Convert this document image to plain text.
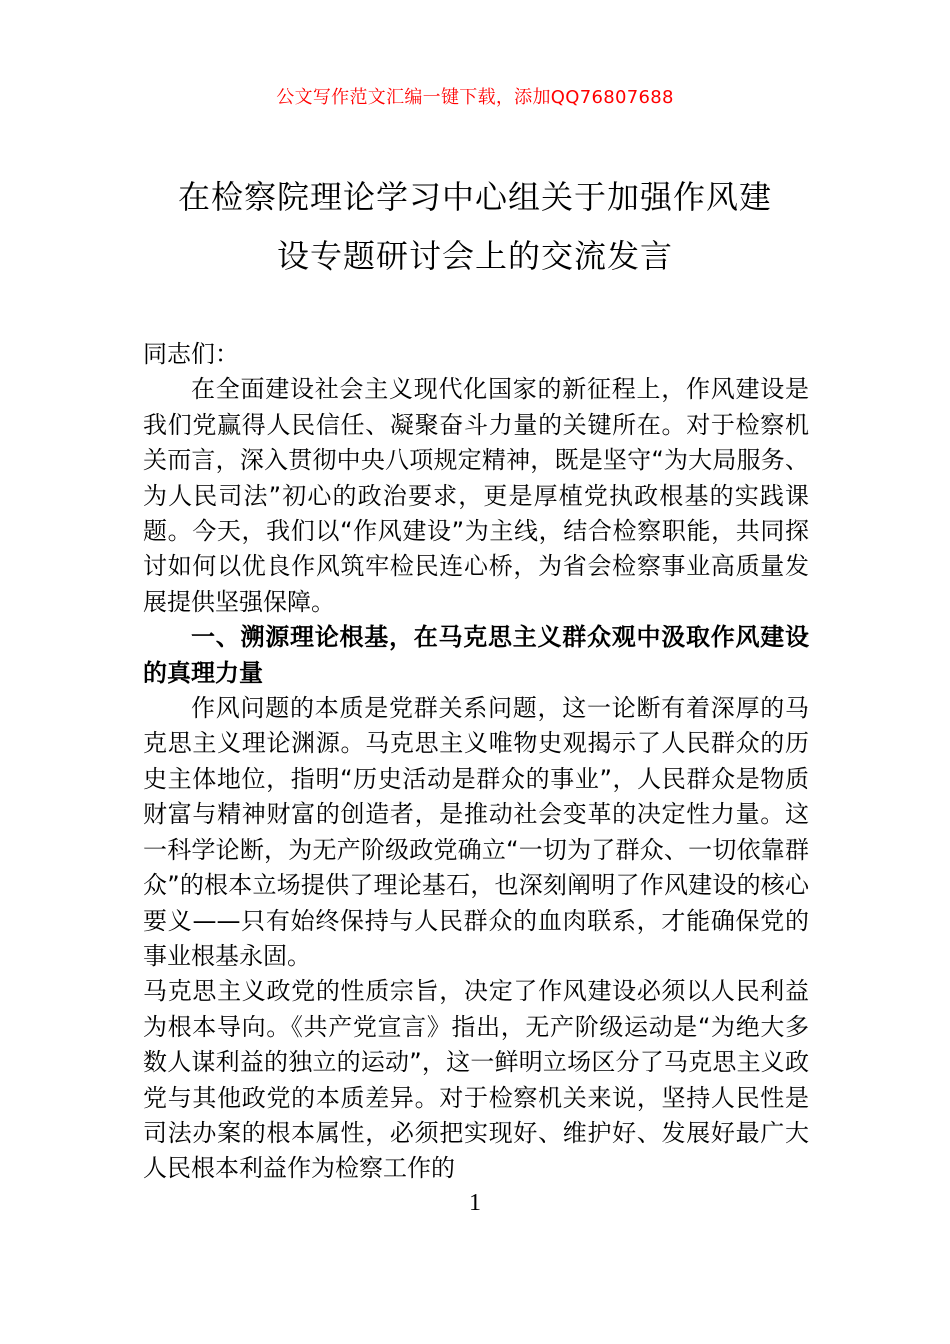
公文写作范文汇编一键下载，添加QQ76807688
在检察院理论学习中心组关于加强作风建
设专题研讨会上的交流发言

同志们：

在全面建设社会主义现代化国家的新征程上，作风建设是我们党赢得人民信任、凝聚奋斗力量的关键所在。对于检察机关而言，深入贯彻中央八项规定精神，既是坚守“为大局服务、为人民司法”初心的政治要求，更是厚植党执政根基的实践课题。今天，我们以“作风建设”为主线，结合检察职能，共同探讨如何以优良作风筑牢检民连心桥，为省会检察事业高质量发展提供坚强保障。

一、溯源理论根基，在马克思主义群众观中汲取作风建设的真理力量

作风问题的本质是党群关系问题，这一论断有着深厚的马克思主义理论渊源。马克思主义唯物史观揭示了人民群众的历史主体地位，指明“历史活动是群众的事业”，人民群众是物质财富与精神财富的创造者，是推动社会变革的决定性力量。这一科学论断，为无产阶级政党确立“一切为了群众、一切依靠群众”的根本立场提供了理论基石，也深刻阐明了作风建设的核心要义——只有始终保持与人民群众的血肉联系，才能确保党的事业根基永固。

马克思主义政党的性质宗旨，决定了作风建设必须以人民利益为根本导向。《共产党宣言》指出，无产阶级运动是“为绝大多数人谋利益的独立的运动”，这一鲜明立场区分了马克思主义政党与其他政党的本质差异。对于检察机关来说，坚持人民性是司法办案的根本属性，必须把实现好、维护好、发展好最广大人民根本利益作为检察工作的

1
